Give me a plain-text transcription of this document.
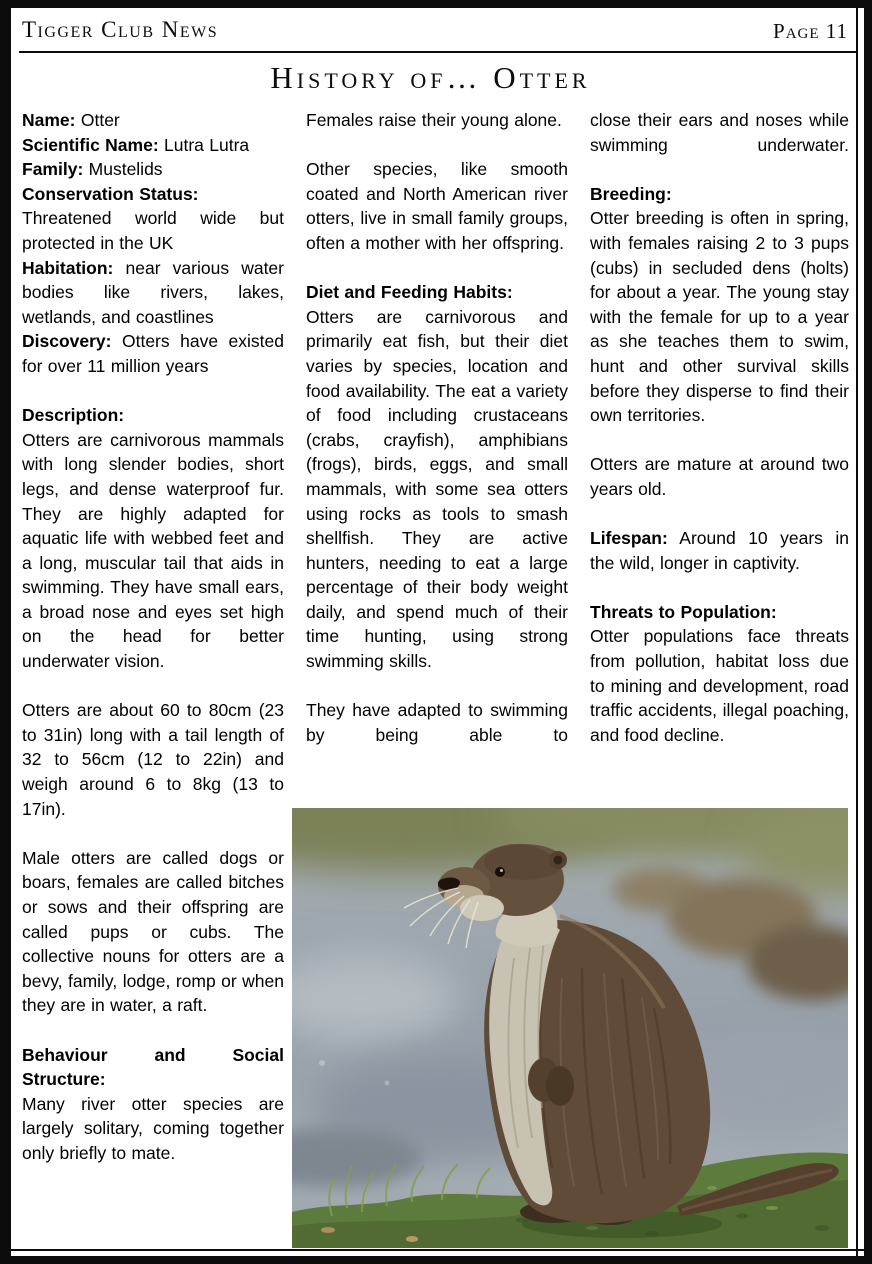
Tigger Club News	Page 11
History of… Otter

Name: Otter

Scientific Name: Lutra Lutra

Family: Mustelids

Conservation Status:

Threatened world wide but protected in the UK

Habitation: near various water bodies like rivers, lakes, wetlands, and coastlines

Discovery: Otters have existed for over 11 million years

Description:

Otters are carnivorous mammals with long slender bodies, short legs, and dense waterproof fur. They are highly adapted for aquatic life with webbed feet and a long, muscular tail that aids in swimming. They have small ears, a broad nose and eyes set high on the head for better underwater vision.

Otters are about 60 to 80cm (23 to 31in) long with a tail length of 32 to 56cm (12 to 22in) and weigh around 6 to 8kg (13 to 17in).

Male otters are called dogs or boars, females are called bitches or sows and their offspring are called pups or cubs. The collective nouns for otters are a bevy, family, lodge, romp or when they are in water, a raft.

Behaviour and Social Structure:

Many river otter species are largely solitary, coming together only briefly to mate.

Females raise their young alone.

Other species, like smooth coated and North American river otters, live in small family groups, often a mother with her offspring.

Diet and Feeding Habits:

Otters are carnivorous and primarily eat fish, but their diet varies by species, location and food availability. The eat a variety of food including crustaceans (crabs, crayfish), amphibians (frogs), birds, eggs, and small mammals, with some sea otters using rocks as tools to smash shellfish. They are active hunters, needing to eat a large percentage of their body weight daily, and spend much of their time hunting, using strong swimming skills.

They have adapted to swimming by being able to

close their ears and noses while swimming underwater.

Breeding:

Otter breeding is often in spring, with females raising 2 to 3 pups (cubs) in secluded dens (holts) for about a year. The young stay with the female for up to a year as she teaches them to swim, hunt and other survival skills before they disperse to find their own territories.

Otters are mature at around two years old.

Lifespan: Around 10 years in the wild, longer in captivity.

Threats to Population:

Otter populations face threats from pollution, habitat loss due to mining and development, road traffic accidents, illegal poaching, and food decline.
